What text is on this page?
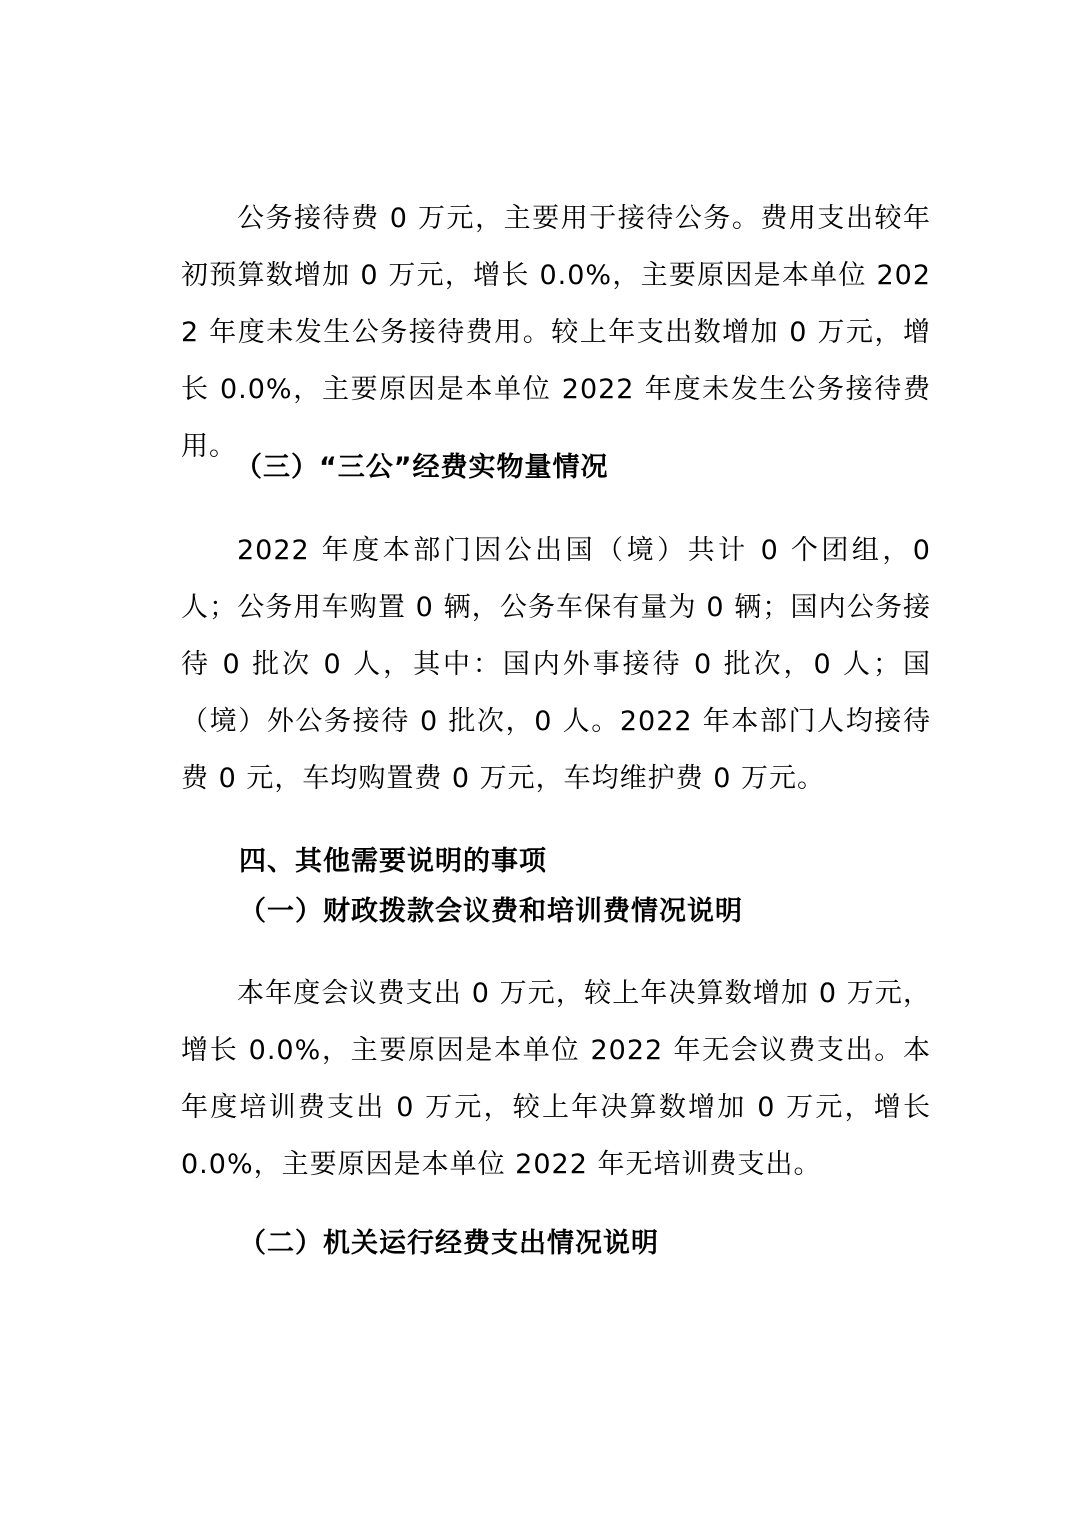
公务接待费 0 万元，主要用于接待公务。费用支出较年初预算数增加 0 万元，增长 0.0%，主要原因是本单位 2022 年度未发生公务接待费用。较上年支出数增加 0 万元，增长 0.0%，主要原因是本单位 2022 年度未发生公务接待费用。

（三）“三公”经费实物量情况

2022 年度本部门因公出国（境）共计 0 个团组，0 人；公务用车购置 0 辆，公务车保有量为 0 辆；国内公务接待 0 批次 0 人，其中：国内外事接待 0 批次，0 人；国（境）外公务接待 0 批次，0 人。2022 年本部门人均接待费 0 元，车均购置费 0 万元，车均维护费 0 万元。

四、其他需要说明的事项
（一）财政拨款会议费和培训费情况说明

本年度会议费支出 0 万元，较上年决算数增加 0 万元，增长 0.0%，主要原因是本单位 2022 年无会议费支出。本年度培训费支出 0 万元，较上年决算数增加 0 万元，增长 0.0%，主要原因是本单位 2022 年无培训费支出。

（二）机关运行经费支出情况说明
